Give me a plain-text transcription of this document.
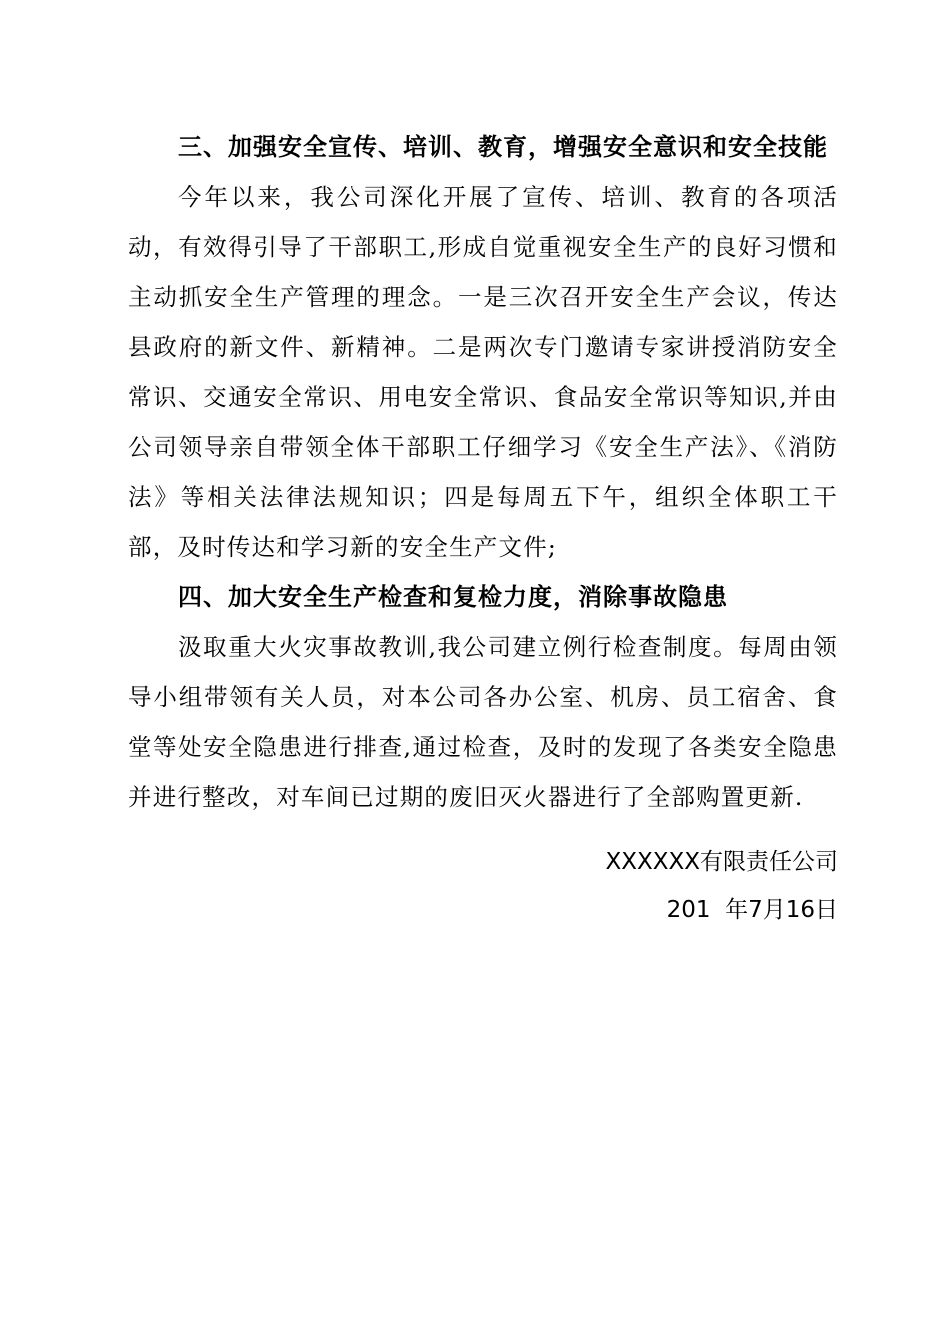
三、加强安全宣传、培训、教育，增强安全意识和安全技能

今年以来，我公司深化开展了宣传、培训、教育的各项活动，有效得引导了干部职工,形成自觉重视安全生产的良好习惯和主动抓安全生产管理的理念。一是三次召开安全生产会议，传达县政府的新文件、新精神。二是两次专门邀请专家讲授消防安全常识、交通安全常识、用电安全常识、食品安全常识等知识,并由公司领导亲自带领全体干部职工仔细学习《安全生产法》、《消防法》等相关法律法规知识；四是每周五下午，组织全体职工干部，及时传达和学习新的安全生产文件;

四、加大安全生产检查和复检力度，消除事故隐患

汲取重大火灾事故教训,我公司建立例行检查制度。每周由领导小组带领有关人员，对本公司各办公室、机房、员工宿舍、食堂等处安全隐患进行排查,通过检查，及时的发现了各类安全隐患并进行整改，对车间已过期的废旧灭火器进行了全部购置更新.

XXXXXX有限责任公司

201  年7月16日
